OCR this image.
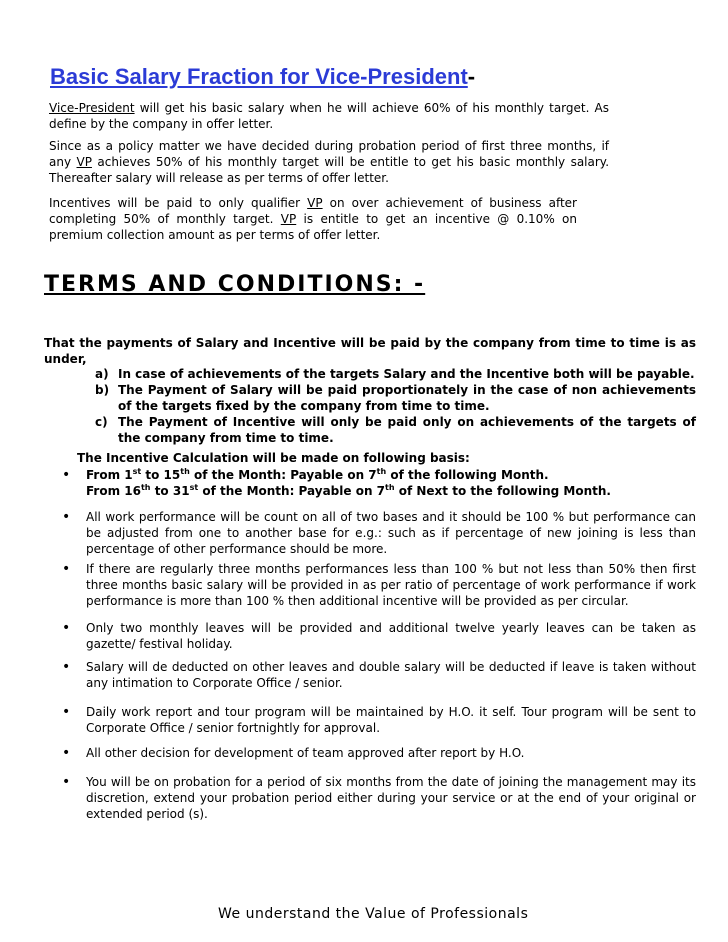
Basic Salary Fraction for Vice-President-
Vice-President will get his basic salary when he will achieve 60% of his monthly target. As define by the company in offer letter.
Since as a policy matter we have decided during probation period of first three months, if any VP achieves 50% of his monthly target will be entitle to get his basic monthly salary. Thereafter salary will release as per terms of offer letter.
Incentives will be paid to only qualifier VP on over achievement of business after completing 50% of monthly target. VP is entitle to get an incentive @ 0.10% on premium collection amount as per terms of offer letter.
TERMS AND CONDITIONS: -
That the payments of Salary and Incentive will be paid by the company from time to time is as under,
a) In case of achievements of the targets Salary and the Incentive both will be payable.
b) The Payment of Salary will be paid proportionately in the case of non achievements of the targets fixed by the company from time to time.
c) The Payment of Incentive will only be paid only on achievements of the targets of the company from time to time.
The Incentive Calculation will be made on following basis:
•	From 1st to 15th of the Month: Payable on 7th of the following Month.
From 16th to 31st of the Month: Payable on 7th of Next to the following Month.
•	All work performance will be count on all of two bases and it should be 100 % but performance can be adjusted from one to another base for e.g.: such as if percentage of new joining is less than percentage of other performance should be more.
•	If there are regularly three months performances less than 100 % but not less than 50% then first three months basic salary will be provided in as per ratio of percentage of work performance if work performance is more than 100 % then additional incentive will be provided as per circular.
•	Only two monthly leaves will be provided and additional twelve yearly leaves can be taken as gazette/ festival holiday.
•	Salary will de deducted on other leaves and double salary will be deducted if leave is taken without any intimation to Corporate Office / senior.
•	Daily work report and tour program will be maintained by H.O. it self. Tour program will be sent to Corporate Office / senior fortnightly for approval.
•	All other decision for development of team approved after report by H.O.
•	You will be on probation for a period of six months from the date of joining the management may its discretion, extend your probation period either during your service or at the end of your original or extended period (s).
We understand the Value of Professionals
